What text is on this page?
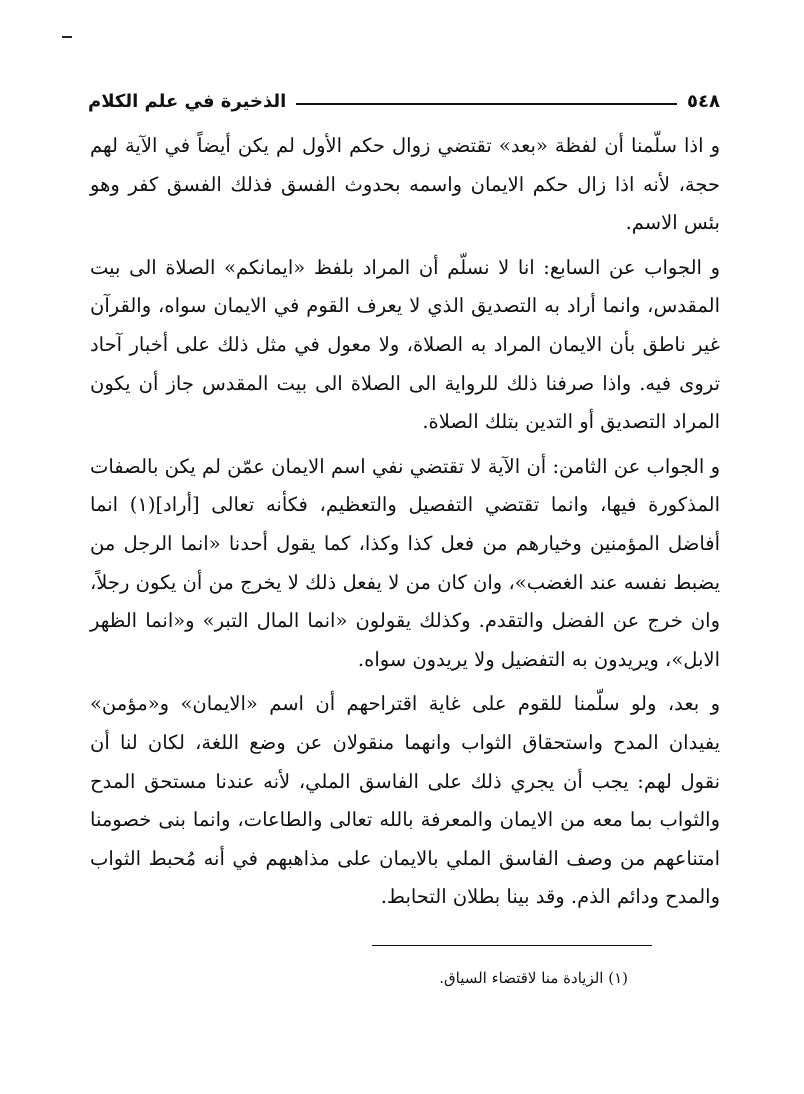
٥٤٨
الذخيرة في علم الكلام

و اذا سلّمنا أن لفظة «بعد» تقتضي زوال حكم الأول لم يكن أيضاً في الآية لهم حجة، لأنه اذا زال حكم الايمان واسمه بحدوث الفسق فذلك الفسق كفر وهو بئس الاسم.

و الجواب عن السابع: انا لا نسلّم أن المراد بلفظ «ايمانكم» الصلاة الى بيت المقدس، وانما أراد به التصديق الذي لا يعرف القوم في الايمان سواه، والقرآن غير ناطق بأن الايمان المراد به الصلاة، ولا معول في مثل ذلك على أخبار آحاد تروى فيه. واذا صرفنا ذلك للرواية الى الصلاة الى بيت المقدس جاز أن يكون المراد التصديق أو التدين بتلك الصلاة.

و الجواب عن الثامن: أن الآية لا تقتضي نفي اسم الايمان عمّن لم يكن بالصفات المذكورة فيها، وانما تقتضي التفصيل والتعظيم، فكأنه تعالى [أراد](١) انما أفاضل المؤمنين وخيارهم من فعل كذا وكذا، كما يقول أحدنا «انما الرجل من يضبط نفسه عند الغضب»، وان كان من لا يفعل ذلك لا يخرج من أن يكون رجلاً، وان خرج عن الفضل والتقدم. وكذلك يقولون «انما المال التبر» و«انما الظهر الابل»، ويريدون به التفضيل ولا يريدون سواه.

و بعد، ولو سلّمنا للقوم على غاية اقتراحهم أن اسم «الايمان» و«مؤمن» يفيدان المدح واستحقاق الثواب وانهما منقولان عن وضع اللغة، لكان لنا أن نقول لهم: يجب أن يجري ذلك على الفاسق الملي، لأنه عندنا مستحق المدح والثواب بما معه من الايمان والمعرفة بالله تعالى والطاعات، وانما بنى خصومنا امتناعهم من وصف الفاسق الملي بالايمان على مذاهبهم في أنه مُحبط الثواب والمدح ودائم الذم. وقد بينا بطلان التحابط.

(١) الزيادة منا لاقتضاء السياق.
